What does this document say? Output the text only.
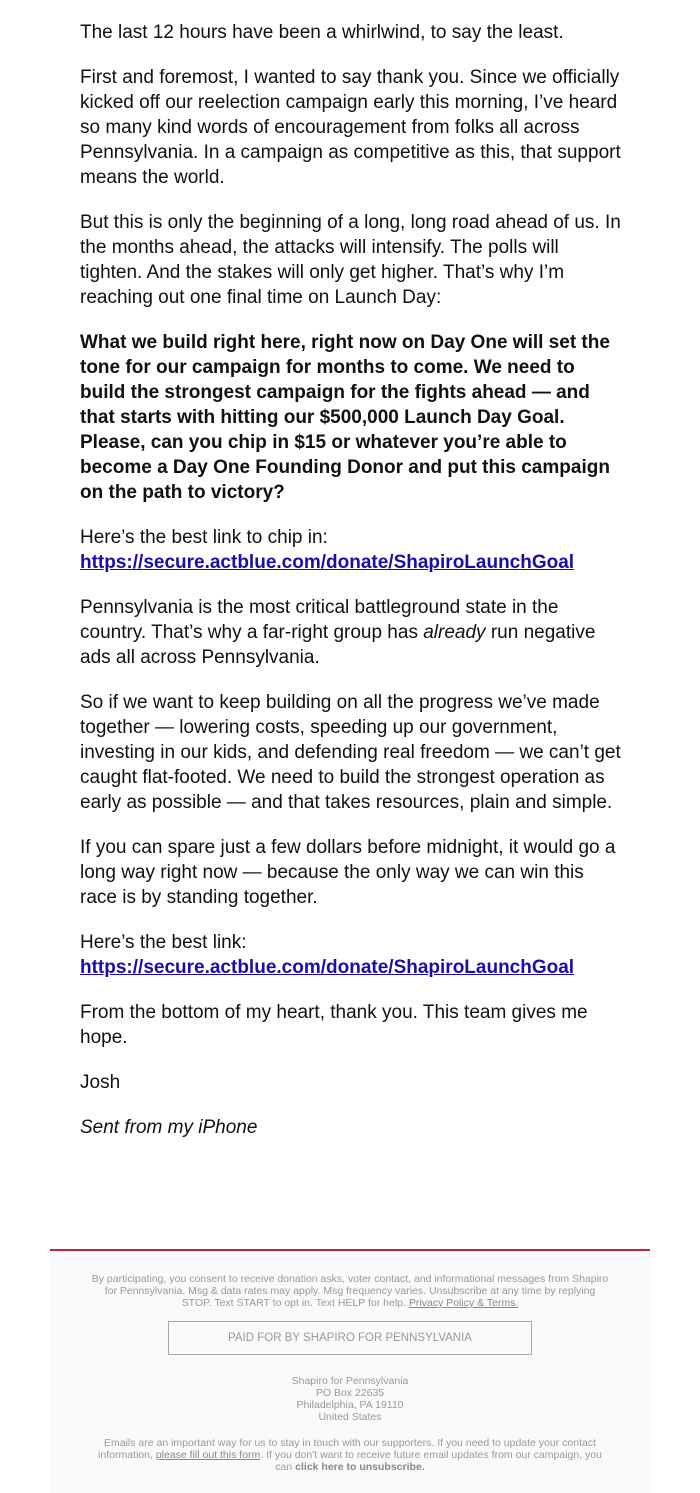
The last 12 hours have been a whirlwind, to say the least.

First and foremost, I wanted to say thank you. Since we officially kicked off our reelection campaign early this morning, I’ve heard so many kind words of encouragement from folks all across Pennsylvania. In a campaign as competitive as this, that support means the world.

But this is only the beginning of a long, long road ahead of us. In the months ahead, the attacks will intensify. The polls will tighten. And the stakes will only get higher. That’s why I’m reaching out one final time on Launch Day:

What we build right here, right now on Day One will set the tone for our campaign for months to come. We need to build the strongest campaign for the fights ahead — and that starts with hitting our $500,000 Launch Day Goal. Please, can you chip in $15 or whatever you’re able to become a Day One Founding Donor and put this campaign on the path to victory?

Here’s the best link to chip in:
https://secure.actblue.com/donate/ShapiroLaunchGoal

Pennsylvania is the most critical battleground state in the country. That’s why a far-right group has already run negative ads all across Pennsylvania.

So if we want to keep building on all the progress we’ve made together — lowering costs, speeding up our government, investing in our kids, and defending real freedom — we can’t get caught flat-footed. We need to build the strongest operation as early as possible — and that takes resources, plain and simple.

If you can spare just a few dollars before midnight, it would go a long way right now — because the only way we can win this race is by standing together.

Here’s the best link:
https://secure.actblue.com/donate/ShapiroLaunchGoal

From the bottom of my heart, thank you. This team gives me hope.

Josh

Sent from my iPhone

By participating, you consent to receive donation asks, voter contact, and informational messages from Shapiro for Pennsylvania. Msg & data rates may apply. Msg frequency varies. Unsubscribe at any time by replying STOP. Text START to opt in. Text HELP for help. Privacy Policy & Terms.
PAID FOR BY SHAPIRO FOR PENNSYLVANIA
Shapiro for Pennsylvania
PO Box 22635
Philadelphia, PA 19110
United States
Emails are an important way for us to stay in touch with our supporters. If you need to update your contact information, please fill out this form. If you don't want to receive future email updates from our campaign, you can click here to unsubscribe.
